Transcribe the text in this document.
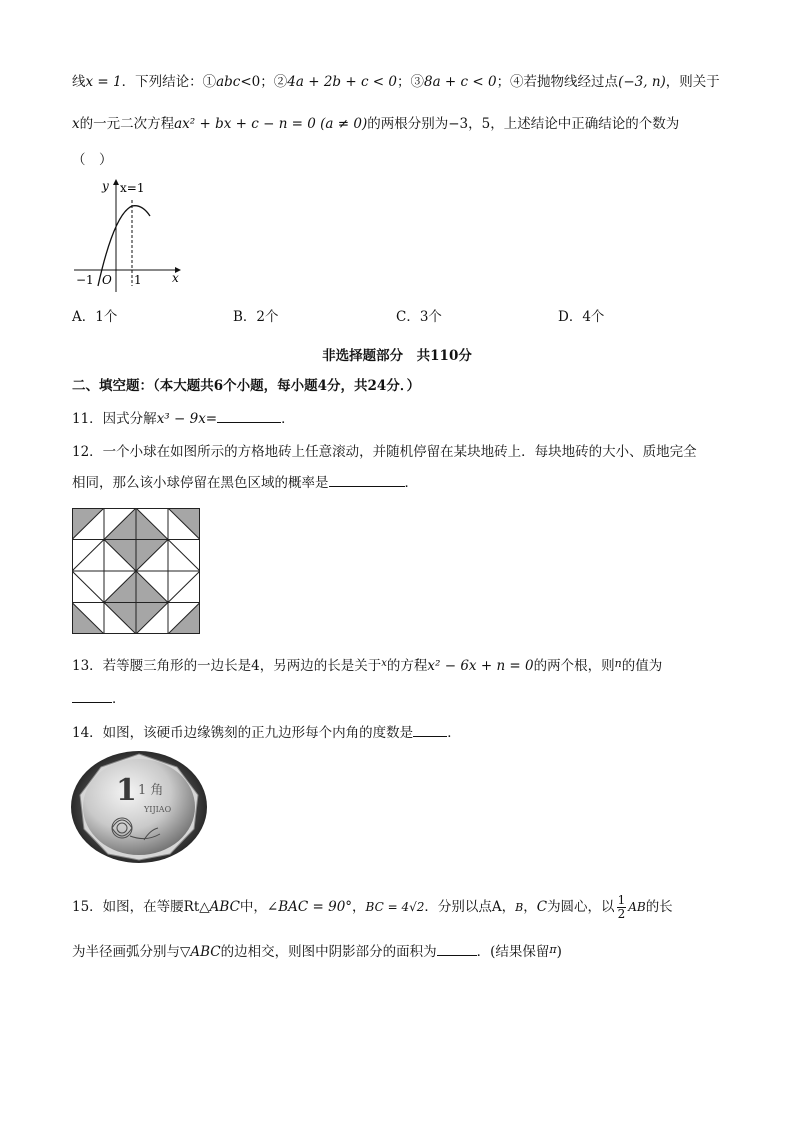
线x = 1．下列结论：①abc<0；②4a + 2b + c < 0；③8a + c < 0；④若抛物线经过点(−3, n)，则关于
x的一元二次方程ax² + bx + c − n = 0 (a ≠ 0)的两根分别为−3，5，上述结论中正确结论的个数为
（　）
y x=1
−1 O 1	x
A．1个	B．2个	C．3个	D．4个
非选择题部分　共110分
二、填空题：（本大题共6个小题，每小题4分，共24分．）
11．因式分解x³ − 9x=	．
12．一个小球在如图所示的方格地砖上任意滚动，并随机停留在某块地砖上．每块地砖的大小、质地完全
相同，那么该小球停留在黑色区域的概率是	．
13．若等腰三角形的一边长是4，另两边的长是关于$^x$的方程x² − 6x + n = 0的两个根，则$^n$的值为
．
14．如图，该硬币边缘镌刻的正九边形每个内角的度数是	．
1 1 角
YIJIAO
15．如图，在等腰Rt△ABC中，∠BAC = 90°，BC = 4√2．分别以点A，B，C为圆心，以 $\frac{1}{2}$ AB的长
为半径画弧分别与▽ABC的边相交，则图中阴影部分的面积为	．(结果保留$^\pi$)
